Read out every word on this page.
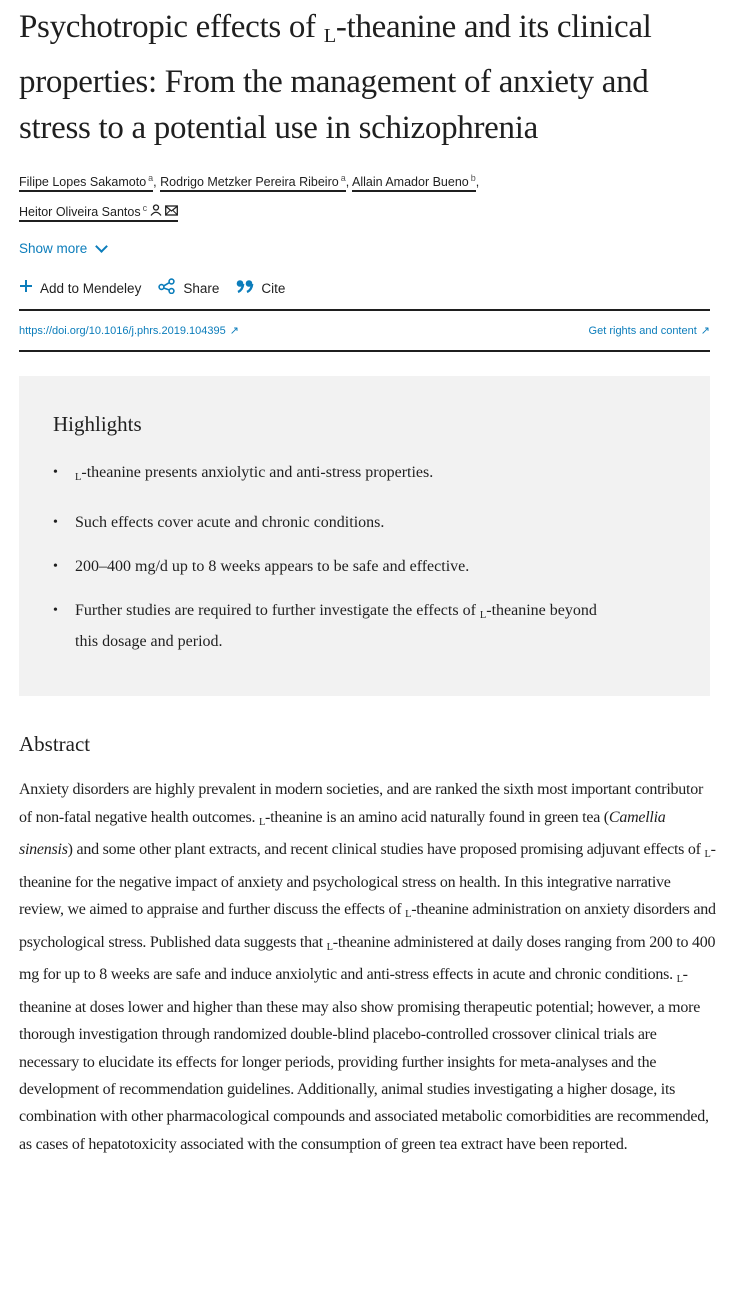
Psychotropic effects of L-theanine and its clinical properties: From the management of anxiety and stress to a potential use in schizophrenia
Filipe Lopes Sakamoto $^a$, Rodrigo Metzker Pereira Ribeiro $^a$, Allain Amador Bueno $^b$,
Heitor Oliveira Santos $^c$
Show more
Add to Mendeley	Share	Cite
https://doi.org/10.1016/j.phrs.2019.104395 ↗	Get rights and content ↗
Highlights
• L-theanine presents anxiolytic and anti-stress properties.
• Such effects cover acute and chronic conditions.
• 200–400 mg/d up to 8 weeks appears to be safe and effective.
• Further studies are required to further investigate the effects of L-theanine beyond this dosage and period.
Abstract

Anxiety disorders are highly prevalent in modern societies, and are ranked the sixth most important contributor of non-fatal negative health outcomes. L-theanine is an amino acid naturally found in green tea (Camellia sinensis) and some other plant extracts, and recent clinical studies have proposed promising adjuvant effects of L-theanine for the negative impact of anxiety and psychological stress on health. In this integrative narrative review, we aimed to appraise and further discuss the effects of L-theanine administration on anxiety disorders and psychological stress. Published data suggests that L-theanine administered at daily doses ranging from 200 to 400 mg for up to 8 weeks are safe and induce anxiolytic and anti-stress effects in acute and chronic conditions. L-theanine at doses lower and higher than these may also show promising therapeutic potential; however, a more thorough investigation through randomized double-blind placebo-controlled crossover clinical trials are necessary to elucidate its effects for longer periods, providing further insights for meta-analyses and the development of recommendation guidelines. Additionally, animal studies investigating a higher dosage, its combination with other pharmacological compounds and associated metabolic comorbidities are recommended, as cases of hepatotoxicity associated with the consumption of green tea extract have been reported.
